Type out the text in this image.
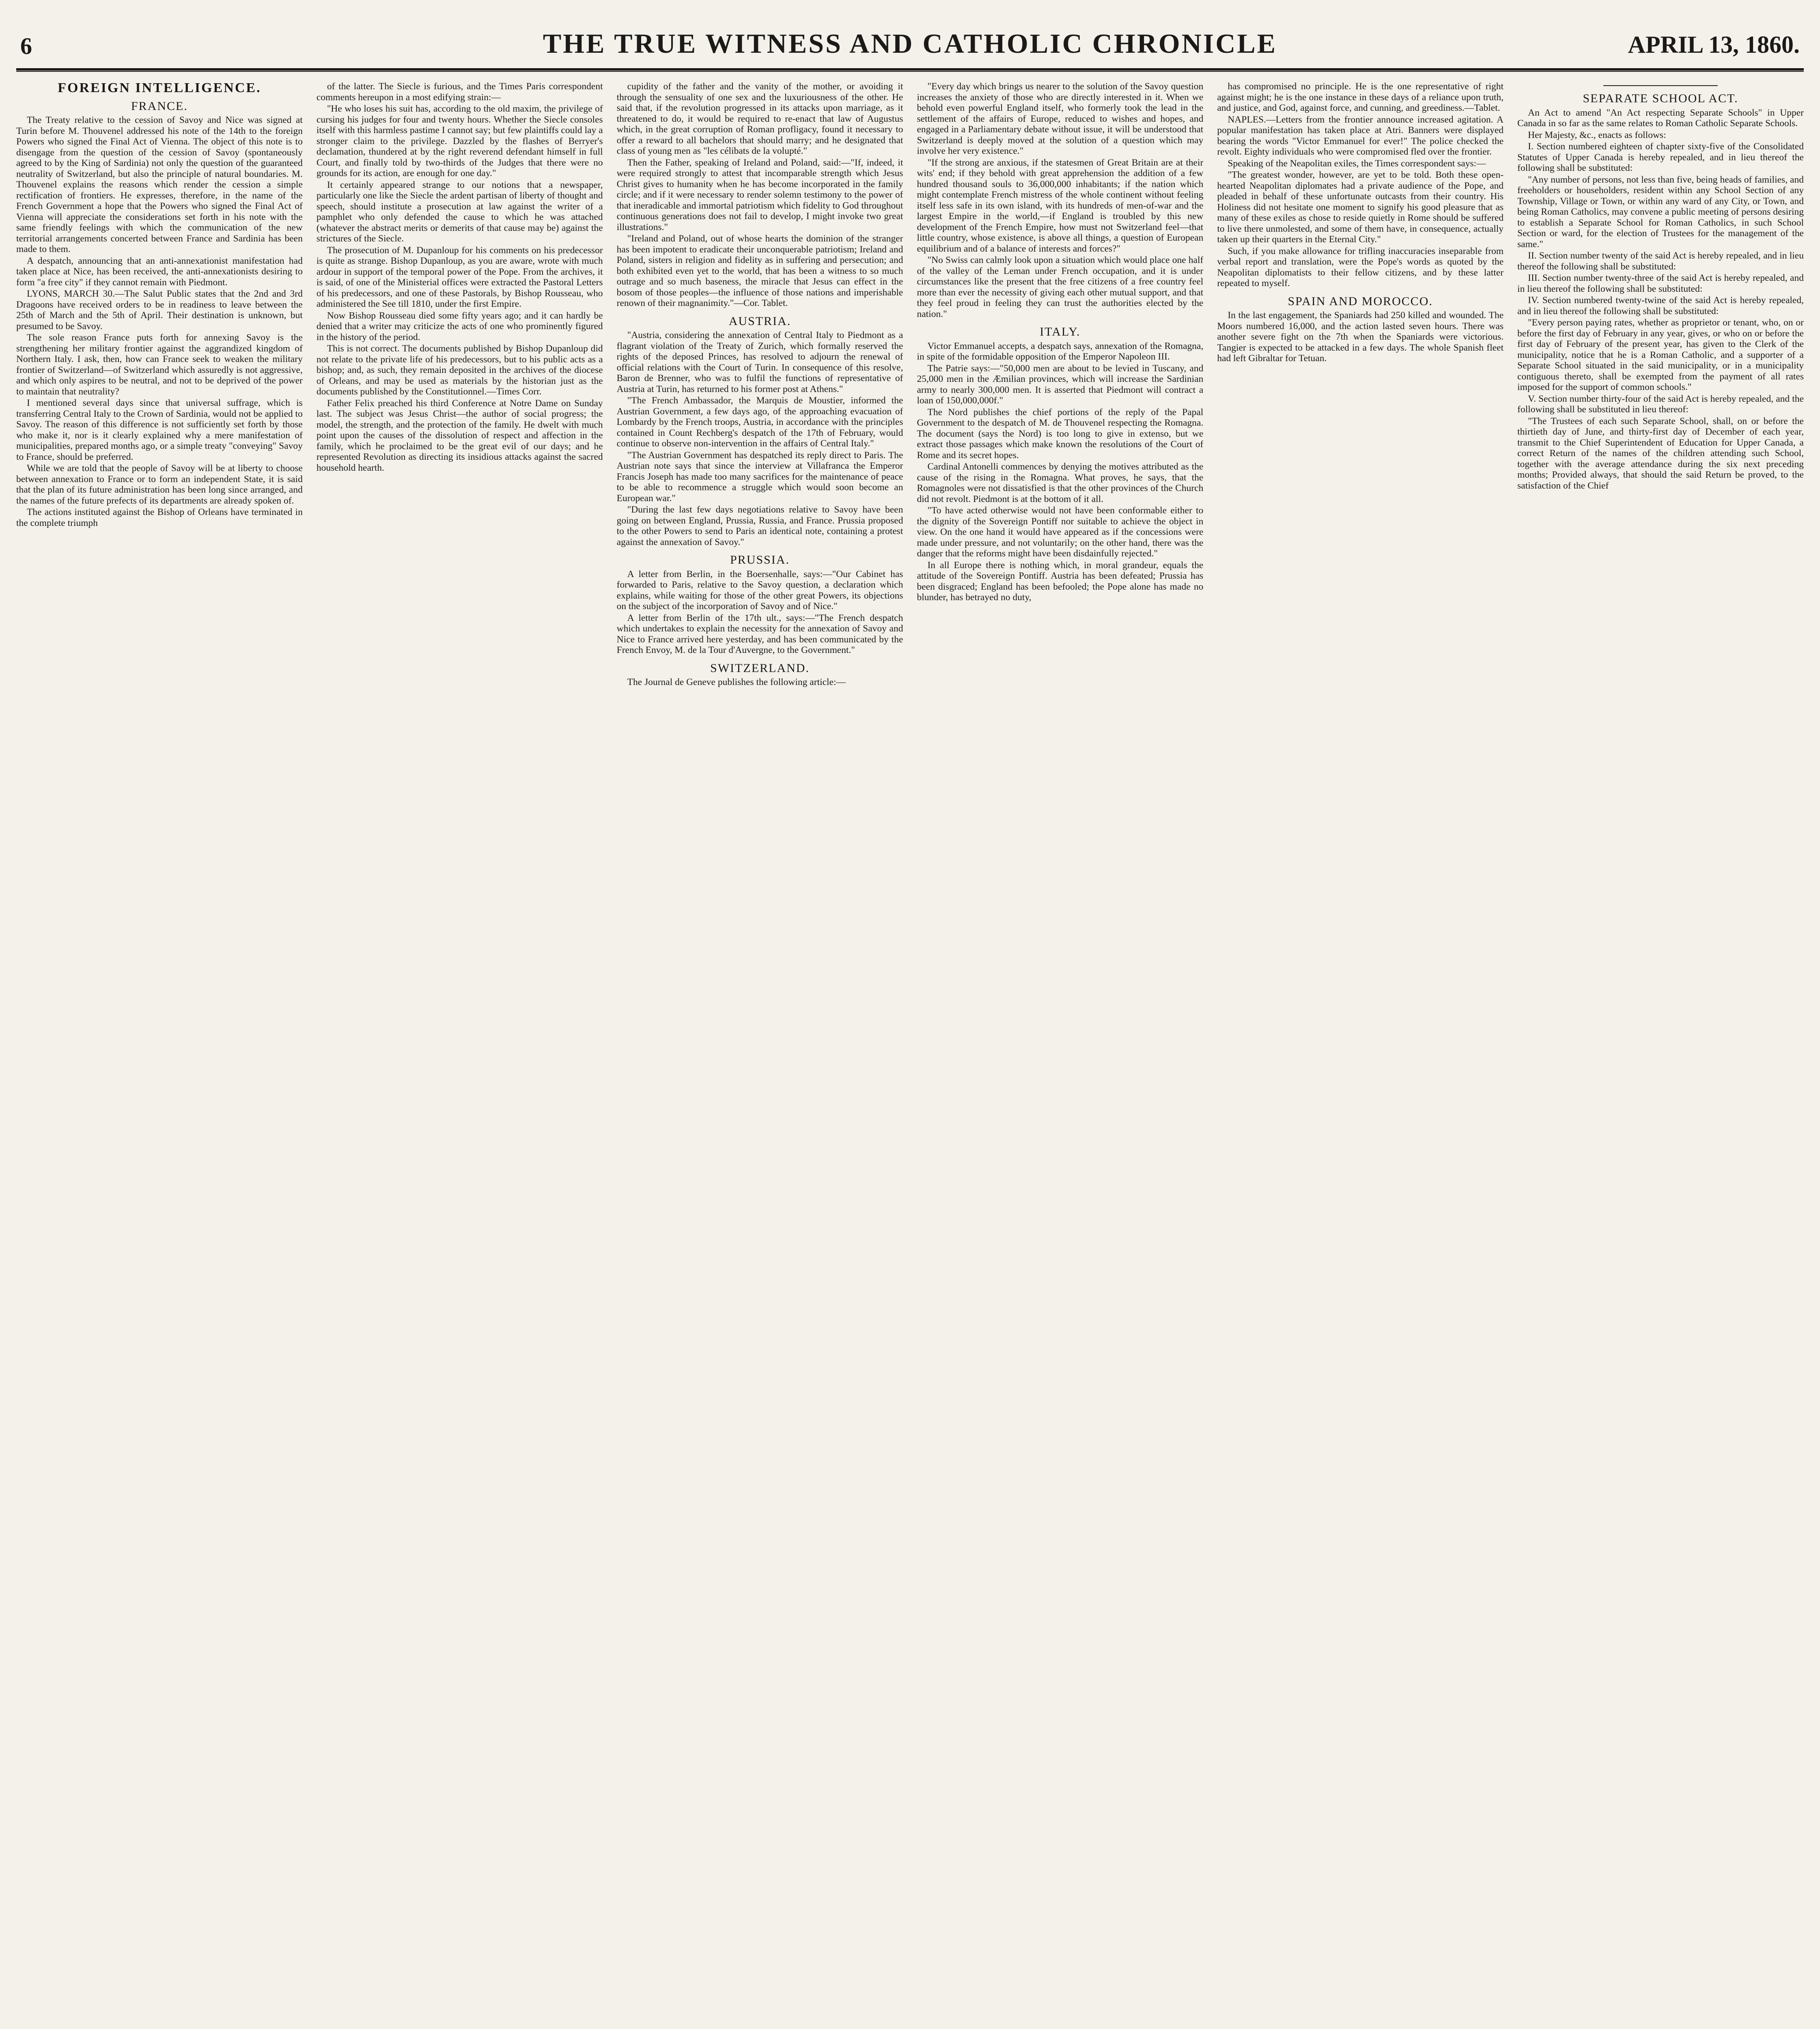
6	THE TRUE WITNESS AND CATHOLIC CHRONICLE	APRIL 13, 1860.
FOREIGN INTELLIGENCE.
FRANCE.

The Treaty relative to the cession of Savoy and Nice was signed at Turin before M. Thouvenel addressed his note of the 14th to the foreign Powers who signed the Final Act of Vienna. The object of this note is to disengage from the question of the cession of Savoy (spontaneously agreed to by the King of Sardinia) not only the question of the guaranteed neutrality of Switzerland, but also the principle of natural boundaries. M. Thouvenel explains the reasons which render the cession a simple rectification of frontiers. He expresses, therefore, in the name of the French Government a hope that the Powers who signed the Final Act of Vienna will appreciate the considerations set forth in his note with the same friendly feelings with which the communication of the new territorial arrangements concerted between France and Sardinia has been made to them.

A despatch, announcing that an anti-annexationist manifestation had taken place at Nice, has been received, the anti-annexationists desiring to form "a free city" if they cannot remain with Piedmont.

LYONS, MARCH 30.—The Salut Public states that the 2nd and 3rd Dragoons have received orders to be in readiness to leave between the 25th of March and the 5th of April. Their destination is unknown, but presumed to be Savoy.

The sole reason France puts forth for annexing Savoy is the strengthening her military frontier against the aggrandized kingdom of Northern Italy. I ask, then, how can France seek to weaken the military frontier of Switzerland—of Switzerland which assuredly is not aggressive, and which only aspires to be neutral, and not to be deprived of the power to maintain that neutrality?

I mentioned several days since that universal suffrage, which is transferring Central Italy to the Crown of Sardinia, would not be applied to Savoy. The reason of this difference is not sufficiently set forth by those who make it, nor is it clearly explained why a mere manifestation of municipalities, prepared months ago, or a simple treaty "conveying" Savoy to France, should be preferred.

While we are told that the people of Savoy will be at liberty to choose between annexation to France or to form an independent State, it is said that the plan of its future administration has been long since arranged, and the names of the future prefects of its departments are already spoken of.

The actions instituted against the Bishop of Orleans have terminated in the complete triumph

of the latter. The Siecle is furious, and the Times Paris correspondent comments hereupon in a most edifying strain:—

"He who loses his suit has, according to the old maxim, the privilege of cursing his judges for four and twenty hours. Whether the Siecle consoles itself with this harmless pastime I cannot say; but few plaintiffs could lay a stronger claim to the privilege. Dazzled by the flashes of Berryer's declamation, thundered at by the right reverend defendant himself in full Court, and finally told by two-thirds of the Judges that there were no grounds for its action, are enough for one day."

It certainly appeared strange to our notions that a newspaper, particularly one like the Siecle the ardent partisan of liberty of thought and speech, should institute a prosecution at law against the writer of a pamphlet who only defended the cause to which he was attached (whatever the abstract merits or demerits of that cause may be) against the strictures of the Siecle.

The prosecution of M. Dupanloup for his comments on his predecessor is quite as strange. Bishop Dupanloup, as you are aware, wrote with much ardour in support of the temporal power of the Pope. From the archives, it is said, of one of the Ministerial offices were extracted the Pastoral Letters of his predecessors, and one of these Pastorals, by Bishop Rousseau, who administered the See till 1810, under the first Empire.

Now Bishop Rousseau died some fifty years ago; and it can hardly be denied that a writer may criticize the acts of one who prominently figured in the history of the period.

This is not correct. The documents published by Bishop Dupanloup did not relate to the private life of his predecessors, but to his public acts as a bishop; and, as such, they remain deposited in the archives of the diocese of Orleans, and may be used as materials by the historian just as the documents published by the Constitutionnel.—Times Corr.

Father Felix preached his third Conference at Notre Dame on Sunday last. The subject was Jesus Christ—the author of social progress; the model, the strength, and the protection of the family. He dwelt with much point upon the causes of the dissolution of respect and affection in the family, which he proclaimed to be the great evil of our days; and he represented Revolution as directing its insidious attacks against the sacred household hearth.

cupidity of the father and the vanity of the mother, or avoiding it through the sensuality of one sex and the luxuriousness of the other. He said that, if the revolution progressed in its attacks upon marriage, as it threatened to do, it would be required to re-enact that law of Augustus which, in the great corruption of Roman profligacy, found it necessary to offer a reward to all bachelors that should marry; and he designated that class of young men as "les célibats de la volupté."

Then the Father, speaking of Ireland and Poland, said:—"If, indeed, it were required strongly to attest that incomparable strength which Jesus Christ gives to humanity when he has become incorporated in the family circle; and if it were necessary to render solemn testimony to the power of that ineradicable and immortal patriotism which fidelity to God throughout continuous generations does not fail to develop, I might invoke two great illustrations."

"Ireland and Poland, out of whose hearts the dominion of the stranger has been impotent to eradicate their unconquerable patriotism; Ireland and Poland, sisters in religion and fidelity as in suffering and persecution; and both exhibited even yet to the world, that has been a witness to so much outrage and so much baseness, the miracle that Jesus can effect in the bosom of those peoples—the influence of those nations and imperishable renown of their magnanimity."—Cor. Tablet.

AUSTRIA.

"Austria, considering the annexation of Central Italy to Piedmont as a flagrant violation of the Treaty of Zurich, which formally reserved the rights of the deposed Princes, has resolved to adjourn the renewal of official relations with the Court of Turin. In consequence of this resolve, Baron de Brenner, who was to fulfil the functions of representative of Austria at Turin, has returned to his former post at Athens."

"The French Ambassador, the Marquis de Moustier, informed the Austrian Government, a few days ago, of the approaching evacuation of Lombardy by the French troops, Austria, in accordance with the principles contained in Count Rechberg's despatch of the 17th of February, would continue to observe non-intervention in the affairs of Central Italy."

"The Austrian Government has despatched its reply direct to Paris. The Austrian note says that since the interview at Villafranca the Emperor Francis Joseph has made too many sacrifices for the maintenance of peace to be able to recommence a struggle which would soon become an European war."

"During the last few days negotiations relative to Savoy have been going on between England, Prussia, Russia, and France. Prussia proposed to the other Powers to send to Paris an identical note, containing a protest against the annexation of Savoy."

PRUSSIA.

A letter from Berlin, in the Boersenhalle, says:—"Our Cabinet has forwarded to Paris, relative to the Savoy question, a declaration which explains, while waiting for those of the other great Powers, its objections on the subject of the incorporation of Savoy and of Nice."

A letter from Berlin of the 17th ult., says:—"The French despatch which undertakes to explain the necessity for the annexation of Savoy and Nice to France arrived here yesterday, and has been communicated by the French Envoy, M. de la Tour d'Auvergne, to the Government."

SWITZERLAND.

The Journal de Geneve publishes the following article:—

"Every day which brings us nearer to the solution of the Savoy question increases the anxiety of those who are directly interested in it. When we behold even powerful England itself, who formerly took the lead in the settlement of the affairs of Europe, reduced to wishes and hopes, and engaged in a Parliamentary debate without issue, it will be understood that Switzerland is deeply moved at the solution of a question which may involve her very existence."

"If the strong are anxious, if the statesmen of Great Britain are at their wits' end; if they behold with great apprehension the addition of a few hundred thousand souls to 36,000,000 inhabitants; if the nation which might contemplate French mistress of the whole continent without feeling itself less safe in its own island, with its hundreds of men-of-war and the largest Empire in the world,—if England is troubled by this new development of the French Empire, how must not Switzerland feel—that little country, whose existence, is above all things, a question of European equilibrium and of a balance of interests and forces?"

"No Swiss can calmly look upon a situation which would place one half of the valley of the Leman under French occupation, and it is under circumstances like the present that the free citizens of a free country feel more than ever the necessity of giving each other mutual support, and that they feel proud in feeling they can trust the authorities elected by the nation."

ITALY.

Victor Emmanuel accepts, a despatch says, annexation of the Romagna, in spite of the formidable opposition of the Emperor Napoleon III.

The Patrie says:—"50,000 men are about to be levied in Tuscany, and 25,000 men in the Æmilian provinces, which will increase the Sardinian army to nearly 300,000 men. It is asserted that Piedmont will contract a loan of 150,000,000f."

The Nord publishes the chief portions of the reply of the Papal Government to the despatch of M. de Thouvenel respecting the Romagna. The document (says the Nord) is too long to give in extenso, but we extract those passages which make known the resolutions of the Court of Rome and its secret hopes.

Cardinal Antonelli commences by denying the motives attributed as the cause of the rising in the Romagna. What proves, he says, that the Romagnoles were not dissatisfied is that the other provinces of the Church did not revolt. Piedmont is at the bottom of it all.

"To have acted otherwise would not have been conformable either to the dignity of the Sovereign Pontiff nor suitable to achieve the object in view. On the one hand it would have appeared as if the concessions were made under pressure, and not voluntarily; on the other hand, there was the danger that the reforms might have been disdainfully rejected."

In all Europe there is nothing which, in moral grandeur, equals the attitude of the Sovereign Pontiff. Austria has been defeated; Prussia has been disgraced; England has been befooled; the Pope alone has made no blunder, has betrayed no duty,

has compromised no principle. He is the one representative of right against might; he is the one instance in these days of a reliance upon truth, and justice, and God, against force, and cunning, and greediness.—Tablet.

NAPLES.—Letters from the frontier announce increased agitation. A popular manifestation has taken place at Atri. Banners were displayed bearing the words "Victor Emmanuel for ever!" The police checked the revolt. Eighty individuals who were compromised fled over the frontier.

Speaking of the Neapolitan exiles, the Times correspondent says:—

"The greatest wonder, however, are yet to be told. Both these open-hearted Neapolitan diplomates had a private audience of the Pope, and pleaded in behalf of these unfortunate outcasts from their country. His Holiness did not hesitate one moment to signify his good pleasure that as many of these exiles as chose to reside quietly in Rome should be suffered to live there unmolested, and some of them have, in consequence, actually taken up their quarters in the Eternal City."

Such, if you make allowance for trifling inaccuracies inseparable from verbal report and translation, were the Pope's words as quoted by the Neapolitan diplomatists to their fellow citizens, and by these latter repeated to myself.

SPAIN AND MOROCCO.

In the last engagement, the Spaniards had 250 killed and wounded. The Moors numbered 16,000, and the action lasted seven hours. There was another severe fight on the 7th when the Spaniards were victorious. Tangier is expected to be attacked in a few days. The whole Spanish fleet had left Gibraltar for Tetuan.

SEPARATE SCHOOL ACT.

An Act to amend "An Act respecting Separate Schools" in Upper Canada in so far as the same relates to Roman Catholic Separate Schools.

Her Majesty, &c., enacts as follows:

I. Section numbered eighteen of chapter sixty-five of the Consolidated Statutes of Upper Canada is hereby repealed, and in lieu thereof the following shall be substituted:

"Any number of persons, not less than five, being heads of families, and freeholders or householders, resident within any School Section of any Township, Village or Town, or within any ward of any City, or Town, and being Roman Catholics, may convene a public meeting of persons desiring to establish a Separate School for Roman Catholics, in such School Section or ward, for the election of Trustees for the management of the same."

II. Section number twenty of the said Act is hereby repealed, and in lieu thereof the following shall be substituted:

III. Section number twenty-three of the said Act is hereby repealed, and in lieu thereof the following shall be substituted:

IV. Section numbered twenty-twine of the said Act is hereby repealed, and in lieu thereof the following shall be substituted:

"Every person paying rates, whether as proprietor or tenant, who, on or before the first day of February in any year, gives, or who on or before the first day of February of the present year, has given to the Clerk of the municipality, notice that he is a Roman Catholic, and a supporter of a Separate School situated in the said municipality, or in a municipality contiguous thereto, shall be exempted from the payment of all rates imposed for the support of common schools."

V. Section number thirty-four of the said Act is hereby repealed, and the following shall be substituted in lieu thereof:

"The Trustees of each such Separate School, shall, on or before the thirtieth day of June, and thirty-first day of December of each year, transmit to the Chief Superintendent of Education for Upper Canada, a correct Return of the names of the children attending such School, together with the average attendance during the six next preceding months; Provided always, that should the said Return be proved, to the satisfaction of the Chief
